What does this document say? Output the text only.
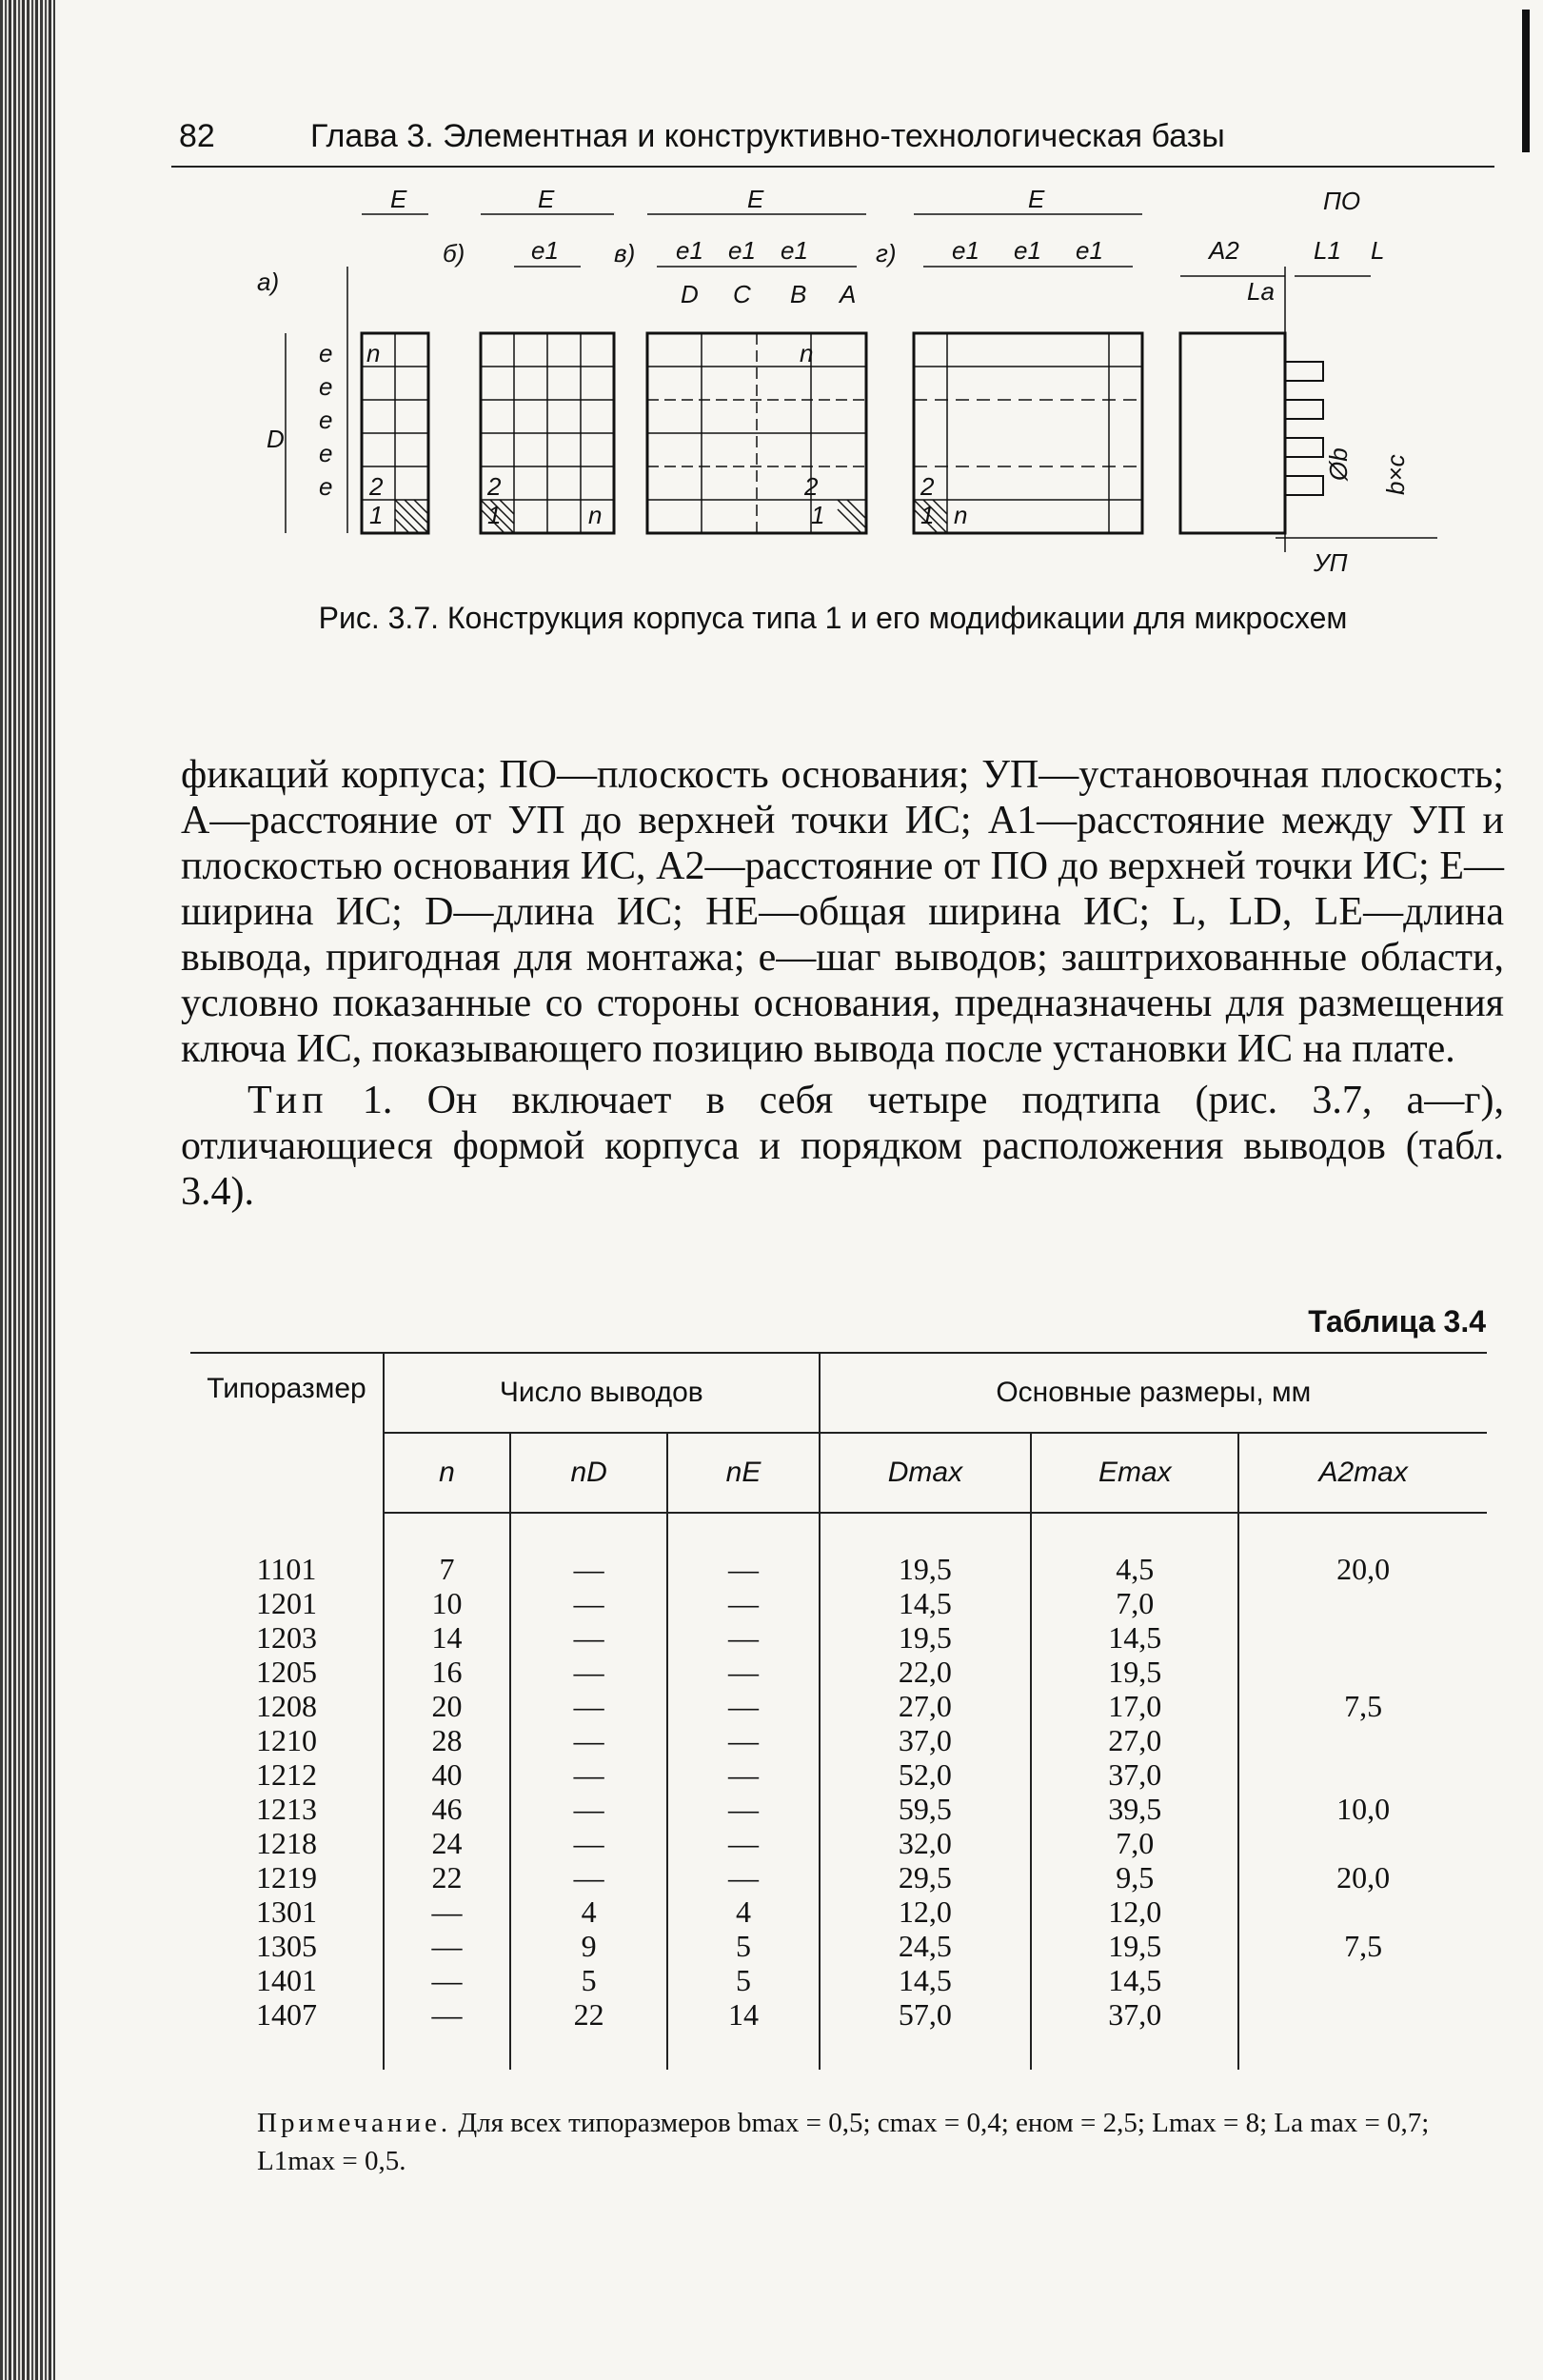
82	Глава 3. Элементная и конструктивно-технологическая базы
а)
б)	в)	г)
E	E	E	E
e1	e1 e1 e1	e1 e1 e1
D C B A
D
e
e
e
e
e
n
2
1
2
1	n
n
2
1
2
1 n
ПО
A2	L1 L
La
Øb b×c
УП
Рис. 3.7. Конструкция корпуса типа 1 и его модификации для микросхем

фикаций корпуса; ПО—плоскость основания; УП—установочная плоскость; A—расстояние от УП до верхней точки ИС; A1—расстояние между УП и плоскостью основания ИС, A2—расстояние от ПО до верхней точки ИС; E—ширина ИС; D—длина ИС; HE—общая ширина ИС; L, LD, LE—длина вывода, пригодная для монтажа; e—шаг выводов; заштрихованные области, условно показанные со стороны основания, предназначены для размещения ключа ИС, показывающего позицию вывода после установки ИС на плате.

Тип 1. Он включает в себя четыре подтипа (рис. 3.7, а—г), отличающиеся формой корпуса и порядком расположения выводов (табл. 3.4).

Таблица 3.4
Типоразмер	Число выводов			Основные размеры, мм		
	n	nD	nE	Dmax	Emax	A2max
1101	7	—	—	19,5	4,5	20,0
1201	10	—	—	14,5	7,0	
1203	14	—	—	19,5	14,5	
1205	16	—	—	22,0	19,5	
1208	20	—	—	27,0	17,0	7,5
1210	28	—	—	37,0	27,0	
1212	40	—	—	52,0	37,0	
1213	46	—	—	59,5	39,5	10,0
1218	24	—	—	32,0	7,0	
1219	22	—	—	29,5	9,5	20,0
1301	—	4	4	12,0	12,0	
1305	—	9	5	24,5	19,5	7,5
1401	—	5	5	14,5	14,5	
1407	—	22	14	57,0	37,0	
Примечание. Для всех типоразмеров bmax = 0,5; cmax = 0,4; eном = 2,5; Lmax = 8; La max = 0,7; L1max = 0,5.
